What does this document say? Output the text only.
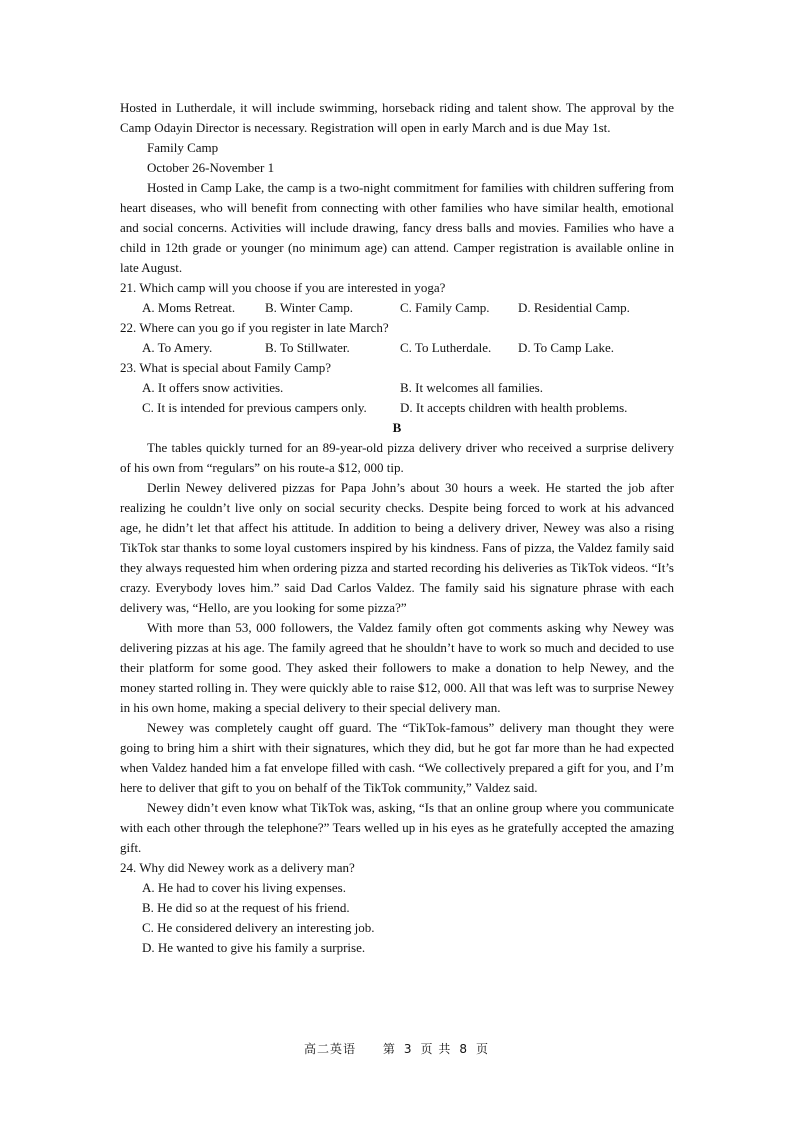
Hosted in Lutherdale, it will include swimming, horseback riding and talent show. The approval by the Camp Odayin Director is necessary. Registration will open in early March and is due May 1st.

Family Camp

October 26-November 1

Hosted in Camp Lake, the camp is a two-night commitment for families with children suffering from heart diseases, who will benefit from connecting with other families who have similar health, emotional and social concerns. Activities will include drawing, fancy dress balls and movies. Families who have a child in 12th grade or younger (no minimum age) can attend. Camper registration is available online in late August.

21. Which camp will you choose if you are interested in yoga?

A. Moms Retreat. B. Winter Camp.	C. Family Camp. D. Residential Camp.

22. Where can you go if you register in late March?

A. To Amery.	B. To Stillwater.	C. To Lutherdale. D. To Camp Lake.

23. What is special about Family Camp?

A. It offers snow activities.	B. It welcomes all families.
C. It is intended for previous campers only.	D. It accepts children with health problems.

B

The tables quickly turned for an 89-year-old pizza delivery driver who received a surprise delivery of his own from “regulars” on his route-a $12, 000 tip.

Derlin Newey delivered pizzas for Papa John’s about 30 hours a week. He started the job after realizing he couldn’t live only on social security checks. Despite being forced to work at his advanced age, he didn’t let that affect his attitude. In addition to being a delivery driver, Newey was also a rising TikTok star thanks to some loyal customers inspired by his kindness. Fans of pizza, the Valdez family said they always requested him when ordering pizza and started recording his deliveries as TikTok videos. “It’s crazy. Everybody loves him.” said Dad Carlos Valdez. The family said his signature phrase with each delivery was, “Hello, are you looking for some pizza?”

With more than 53, 000 followers, the Valdez family often got comments asking why Newey was delivering pizzas at his age. The family agreed that he shouldn’t have to work so much and decided to use their platform for some good. They asked their followers to make a donation to help Newey, and the money started rolling in. They were quickly able to raise $12, 000. All that was left was to surprise Newey in his own home, making a special delivery to their special delivery man.

Newey was completely caught off guard. The “TikTok-famous” delivery man thought they were going to bring him a shirt with their signatures, which they did, but he got far more than he had expected when Valdez handed him a fat envelope filled with cash. “We collectively prepared a gift for you, and I’m here to deliver that gift to you on behalf of the TikTok community,” Valdez said.

Newey didn’t even know what TikTok was, asking, “Is that an online group where you communicate with each other through the telephone?” Tears welled up in his eyes as he gratefully accepted the amazing gift.

24. Why did Newey work as a delivery man?

A. He had to cover his living expenses.

B. He did so at the request of his friend.

C. He considered delivery an interesting job.

D. He wanted to give his family a surprise.

高二英语 第 3 页 共 8 页
